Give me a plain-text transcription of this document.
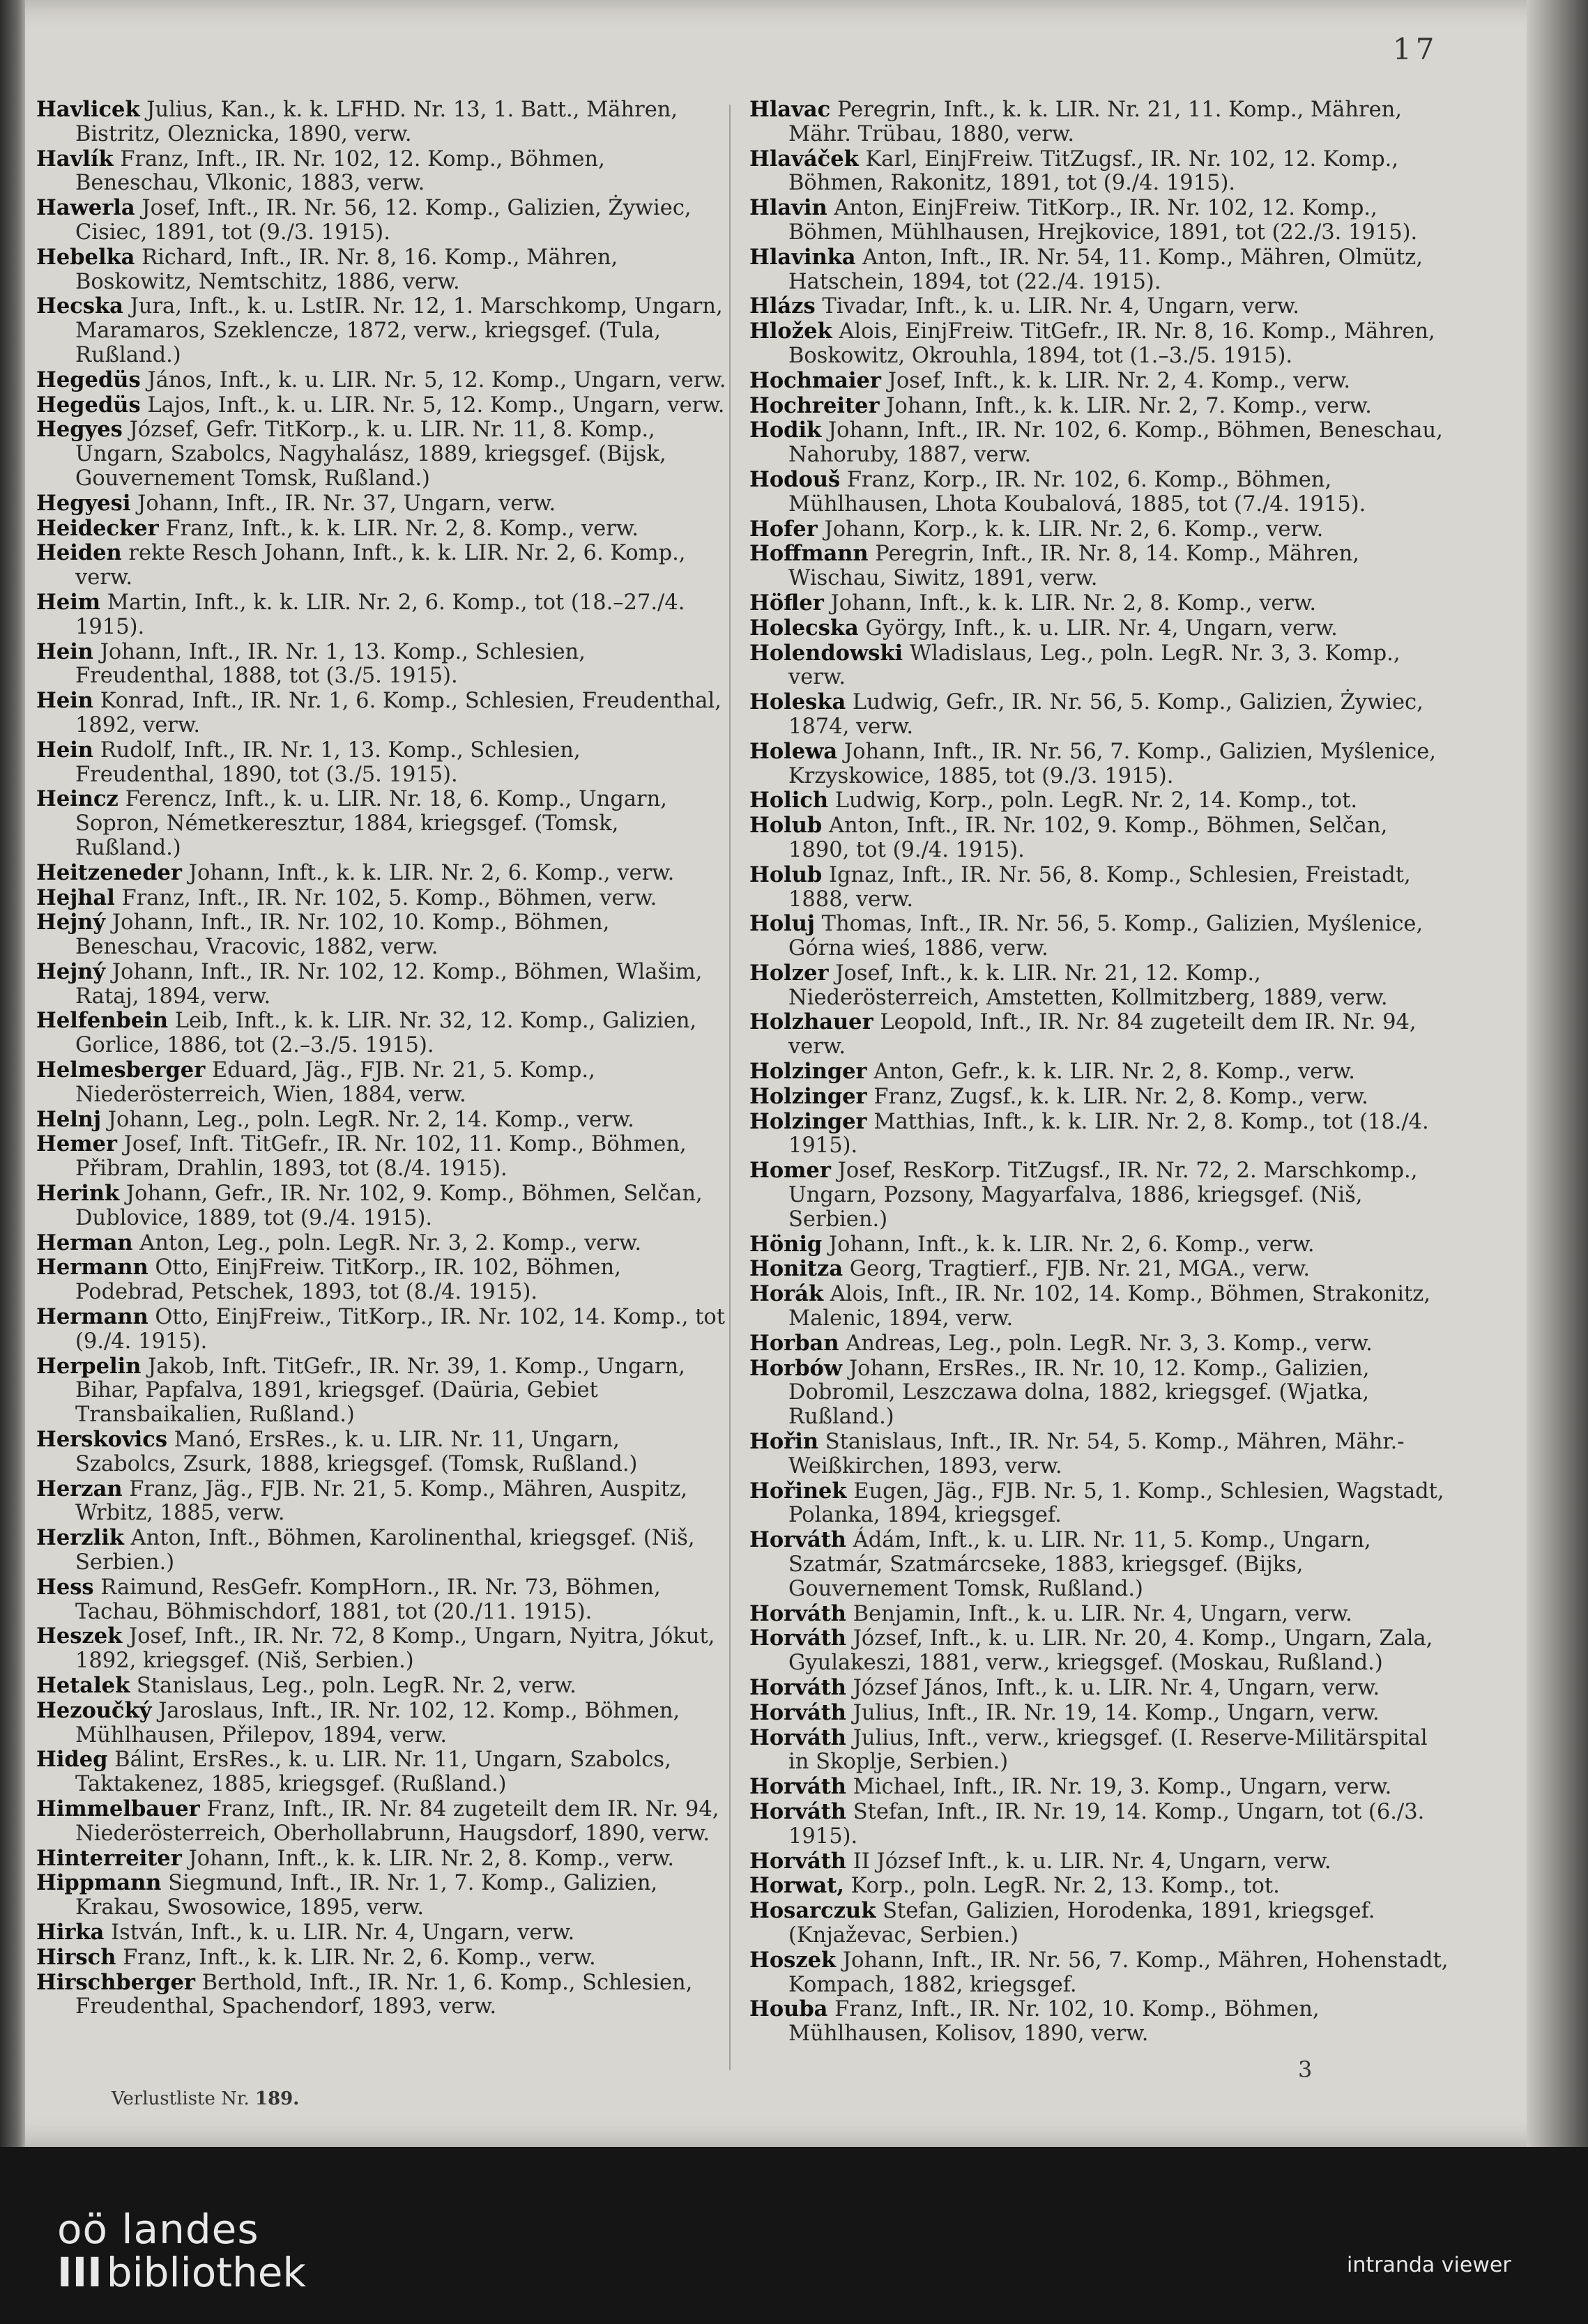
17

Havlicek Julius, Kan., k. k. LFHD. Nr. 13, 1. Batt., Mähren, Bistritz, Oleznicka, 1890, verw.

Havlík Franz, Inft., IR. Nr. 102, 12. Komp., Böhmen, Beneschau, Vlkonic, 1883, verw.

Hawerla Josef, Inft., IR. Nr. 56, 12. Komp., Galizien, Żywiec, Cisiec, 1891, tot (9./3. 1915).

Hebelka Richard, Inft., IR. Nr. 8, 16. Komp., Mähren, Boskowitz, Nemtschitz, 1886, verw.

Hecska Jura, Inft., k. u. LstIR. Nr. 12, 1. Marschkomp, Ungarn, Maramaros, Szeklencze, 1872, verw., kriegsgef. (Tula, Rußland.)

Hegedüs János, Inft., k. u. LIR. Nr. 5, 12. Komp., Ungarn, verw.

Hegedüs Lajos, Inft., k. u. LIR. Nr. 5, 12. Komp., Ungarn, verw.

Hegyes József, Gefr. TitKorp., k. u. LIR. Nr. 11, 8. Komp., Ungarn, Szabolcs, Nagyhalász, 1889, kriegsgef. (Bijsk, Gouvernement Tomsk, Rußland.)

Hegyesi Johann, Inft., IR. Nr. 37, Ungarn, verw.

Heidecker Franz, Inft., k. k. LIR. Nr. 2, 8. Komp., verw.

Heiden rekte Resch Johann, Inft., k. k. LIR. Nr. 2, 6. Komp., verw.

Heim Martin, Inft., k. k. LIR. Nr. 2, 6. Komp., tot (18.–27./4. 1915).

Hein Johann, Inft., IR. Nr. 1, 13. Komp., Schlesien, Freudenthal, 1888, tot (3./5. 1915).

Hein Konrad, Inft., IR. Nr. 1, 6. Komp., Schlesien, Freudenthal, 1892, verw.

Hein Rudolf, Inft., IR. Nr. 1, 13. Komp., Schlesien, Freudenthal, 1890, tot (3./5. 1915).

Heincz Ferencz, Inft., k. u. LIR. Nr. 18, 6. Komp., Ungarn, Sopron, Németkeresztur, 1884, kriegsgef. (Tomsk, Rußland.)

Heitzeneder Johann, Inft., k. k. LIR. Nr. 2, 6. Komp., verw.

Hejhal Franz, Inft., IR. Nr. 102, 5. Komp., Böhmen, verw.

Hejný Johann, Inft., IR. Nr. 102, 10. Komp., Böhmen, Beneschau, Vracovic, 1882, verw.

Hejný Johann, Inft., IR. Nr. 102, 12. Komp., Böhmen, Wlašim, Rataj, 1894, verw.

Helfenbein Leib, Inft., k. k. LIR. Nr. 32, 12. Komp., Galizien, Gorlice, 1886, tot (2.–3./5. 1915).

Helmesberger Eduard, Jäg., FJB. Nr. 21, 5. Komp., Niederösterreich, Wien, 1884, verw.

Helnj Johann, Leg., poln. LegR. Nr. 2, 14. Komp., verw.

Hemer Josef, Inft. TitGefr., IR. Nr. 102, 11. Komp., Böhmen, Přibram, Drahlin, 1893, tot (8./4. 1915).

Herink Johann, Gefr., IR. Nr. 102, 9. Komp., Böhmen, Selčan, Dublovice, 1889, tot (9./4. 1915).

Herman Anton, Leg., poln. LegR. Nr. 3, 2. Komp., verw.

Hermann Otto, EinjFreiw. TitKorp., IR. 102, Böhmen, Podebrad, Petschek, 1893, tot (8./4. 1915).

Hermann Otto, EinjFreiw., TitKorp., IR. Nr. 102, 14. Komp., tot (9./4. 1915).

Herpelin Jakob, Inft. TitGefr., IR. Nr. 39, 1. Komp., Ungarn, Bihar, Papfalva, 1891, kriegsgef. (Daüria, Gebiet Transbaikalien, Rußland.)

Herskovics Manó, ErsRes., k. u. LIR. Nr. 11, Ungarn, Szabolcs, Zsurk, 1888, kriegsgef. (Tomsk, Rußland.)

Herzan Franz, Jäg., FJB. Nr. 21, 5. Komp., Mähren, Auspitz, Wrbitz, 1885, verw.

Herzlik Anton, Inft., Böhmen, Karolinenthal, kriegsgef. (Niš, Serbien.)

Hess Raimund, ResGefr. KompHorn., IR. Nr. 73, Böhmen, Tachau, Böhmischdorf, 1881, tot (20./11. 1915).

Heszek Josef, Inft., IR. Nr. 72, 8 Komp., Ungarn, Nyitra, Jókut, 1892, kriegsgef. (Niš, Serbien.)

Hetalek Stanislaus, Leg., poln. LegR. Nr. 2, verw.

Hezoučký Jaroslaus, Inft., IR. Nr. 102, 12. Komp., Böhmen, Mühlhausen, Přilepov, 1894, verw.

Hideg Bálint, ErsRes., k. u. LIR. Nr. 11, Ungarn, Szabolcs, Taktakenez, 1885, kriegsgef. (Rußland.)

Himmelbauer Franz, Inft., IR. Nr. 84 zugeteilt dem IR. Nr. 94, Niederösterreich, Oberhollabrunn, Haugsdorf, 1890, verw.

Hinterreiter Johann, Inft., k. k. LIR. Nr. 2, 8. Komp., verw.

Hippmann Siegmund, Inft., IR. Nr. 1, 7. Komp., Galizien, Krakau, Swosowice, 1895, verw.

Hirka István, Inft., k. u. LIR. Nr. 4, Ungarn, verw.

Hirsch Franz, Inft., k. k. LIR. Nr. 2, 6. Komp., verw.

Hirschberger Berthold, Inft., IR. Nr. 1, 6. Komp., Schlesien, Freudenthal, Spachendorf, 1893, verw.

Hlavac Peregrin, Inft., k. k. LIR. Nr. 21, 11. Komp., Mähren, Mähr. Trübau, 1880, verw.

Hlaváček Karl, EinjFreiw. TitZugsf., IR. Nr. 102, 12. Komp., Böhmen, Rakonitz, 1891, tot (9./4. 1915).

Hlavin Anton, EinjFreiw. TitKorp., IR. Nr. 102, 12. Komp., Böhmen, Mühlhausen, Hrejkovice, 1891, tot (22./3. 1915).

Hlavinka Anton, Inft., IR. Nr. 54, 11. Komp., Mähren, Olmütz, Hatschein, 1894, tot (22./4. 1915).

Hlázs Tivadar, Inft., k. u. LIR. Nr. 4, Ungarn, verw.

Hložek Alois, EinjFreiw. TitGefr., IR. Nr. 8, 16. Komp., Mähren, Boskowitz, Okrouhla, 1894, tot (1.–3./5. 1915).

Hochmaier Josef, Inft., k. k. LIR. Nr. 2, 4. Komp., verw.

Hochreiter Johann, Inft., k. k. LIR. Nr. 2, 7. Komp., verw.

Hodik Johann, Inft., IR. Nr. 102, 6. Komp., Böhmen, Beneschau, Nahoruby, 1887, verw.

Hodouš Franz, Korp., IR. Nr. 102, 6. Komp., Böhmen, Mühlhausen, Lhota Koubalová, 1885, tot (7./4. 1915).

Hofer Johann, Korp., k. k. LIR. Nr. 2, 6. Komp., verw.

Hoffmann Peregrin, Inft., IR. Nr. 8, 14. Komp., Mähren, Wischau, Siwitz, 1891, verw.

Höfler Johann, Inft., k. k. LIR. Nr. 2, 8. Komp., verw.

Holecska György, Inft., k. u. LIR. Nr. 4, Ungarn, verw.

Holendowski Wladislaus, Leg., poln. LegR. Nr. 3, 3. Komp., verw.

Holeska Ludwig, Gefr., IR. Nr. 56, 5. Komp., Galizien, Żywiec, 1874, verw.

Holewa Johann, Inft., IR. Nr. 56, 7. Komp., Galizien, Myślenice, Krzyskowice, 1885, tot (9./3. 1915).

Holich Ludwig, Korp., poln. LegR. Nr. 2, 14. Komp., tot.

Holub Anton, Inft., IR. Nr. 102, 9. Komp., Böhmen, Selčan, 1890, tot (9./4. 1915).

Holub Ignaz, Inft., IR. Nr. 56, 8. Komp., Schlesien, Freistadt, 1888, verw.

Holuj Thomas, Inft., IR. Nr. 56, 5. Komp., Galizien, Myślenice, Górna wieś, 1886, verw.

Holzer Josef, Inft., k. k. LIR. Nr. 21, 12. Komp., Niederösterreich, Amstetten, Kollmitzberg, 1889, verw.

Holzhauer Leopold, Inft., IR. Nr. 84 zugeteilt dem IR. Nr. 94, verw.

Holzinger Anton, Gefr., k. k. LIR. Nr. 2, 8. Komp., verw.

Holzinger Franz, Zugsf., k. k. LIR. Nr. 2, 8. Komp., verw.

Holzinger Matthias, Inft., k. k. LIR. Nr. 2, 8. Komp., tot (18./4. 1915).

Homer Josef, ResKorp. TitZugsf., IR. Nr. 72, 2. Marschkomp., Ungarn, Pozsony, Magyarfalva, 1886, kriegsgef. (Niš, Serbien.)

Hönig Johann, Inft., k. k. LIR. Nr. 2, 6. Komp., verw.

Honitza Georg, Tragtierf., FJB. Nr. 21, MGA., verw.

Horák Alois, Inft., IR. Nr. 102, 14. Komp., Böhmen, Strakonitz, Malenic, 1894, verw.

Horban Andreas, Leg., poln. LegR. Nr. 3, 3. Komp., verw.

Horbów Johann, ErsRes., IR. Nr. 10, 12. Komp., Galizien, Dobromil, Leszczawa dolna, 1882, kriegsgef. (Wjatka, Rußland.)

Hořin Stanislaus, Inft., IR. Nr. 54, 5. Komp., Mähren, Mähr.-Weißkirchen, 1893, verw.

Hořinek Eugen, Jäg., FJB. Nr. 5, 1. Komp., Schlesien, Wagstadt, Polanka, 1894, kriegsgef.

Horváth Ádám, Inft., k. u. LIR. Nr. 11, 5. Komp., Ungarn, Szatmár, Szatmárcseke, 1883, kriegsgef. (Bijks, Gouvernement Tomsk, Rußland.)

Horváth Benjamin, Inft., k. u. LIR. Nr. 4, Ungarn, verw.

Horváth József, Inft., k. u. LIR. Nr. 20, 4. Komp., Ungarn, Zala, Gyulakeszi, 1881, verw., kriegsgef. (Moskau, Rußland.)

Horváth József János, Inft., k. u. LIR. Nr. 4, Ungarn, verw.

Horváth Julius, Inft., IR. Nr. 19, 14. Komp., Ungarn, verw.

Horváth Julius, Inft., verw., kriegsgef. (I. Reserve-Militärspital in Skoplje, Serbien.)

Horváth Michael, Inft., IR. Nr. 19, 3. Komp., Ungarn, verw.

Horváth Stefan, Inft., IR. Nr. 19, 14. Komp., Ungarn, tot (6./3. 1915).

Horváth II József Inft., k. u. LIR. Nr. 4, Ungarn, verw.

Horwat, Korp., poln. LegR. Nr. 2, 13. Komp., tot.

Hosarczuk Stefan, Galizien, Horodenka, 1891, kriegsgef. (Knjaževac, Serbien.)

Hoszek Johann, Inft., IR. Nr. 56, 7. Komp., Mähren, Hohenstadt, Kompach, 1882, kriegsgef.

Houba Franz, Inft., IR. Nr. 102, 10. Komp., Böhmen, Mühlhausen, Kolisov, 1890, verw.

Verlustliste Nr. 189.
3
oö landes
III bibliothek	intranda viewer
